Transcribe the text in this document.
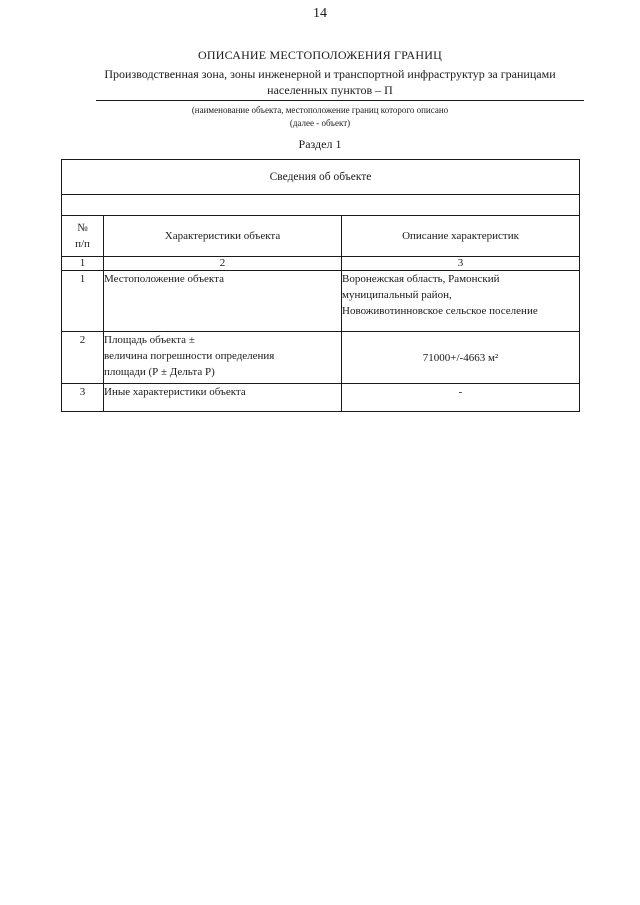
14
ОПИСАНИЕ МЕСТОПОЛОЖЕНИЯ ГРАНИЦ
Производственная зона, зоны инженерной и транспортной инфраструктур за границами
населенных пунктов – П
(наименование объекта, местоположение границ которого описано
(далее - объект)
Раздел 1
Сведения об объекте		

№
п/п	Характеристики объекта	Описание характеристик
1	2	3
1	Местоположение объекта	Воронежская область, Рамонский
муниципальный район,
Новоживотинновское сельское поселение

2	Площадь объекта ±
величина погрешности определения
площади (Р ± Дельта Р)	71000+/-4663 м²

3	Иные характеристики объекта	-
